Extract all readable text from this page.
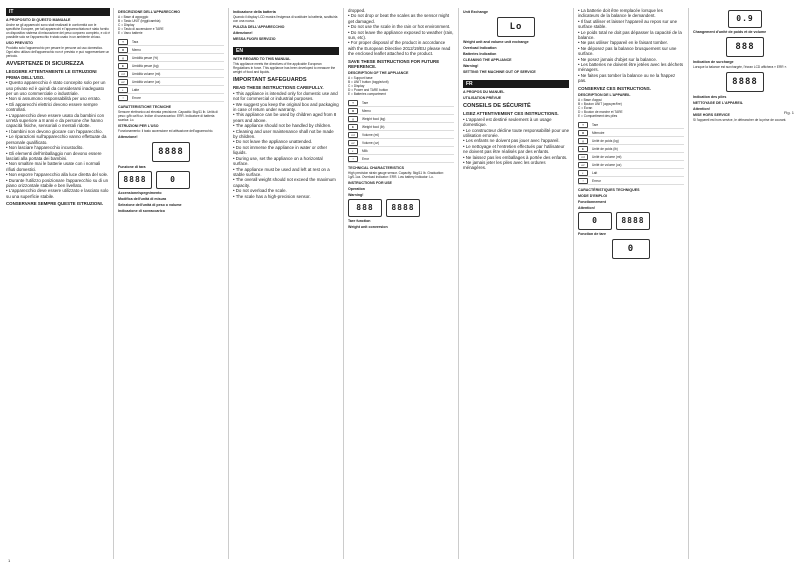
IT
A PROPOSITO DI QUESTO MANUALE
Anche se gli apparecchi sono stati realizzati in conformità con le specifiche Europee, per tali apparecchi e l'apparecchiatura è stato fornito un dispositivo sistema di misurazione del peso corporeo completo, e ciò è possibile solo se l'apparecchio è stato usato in un ambiente chiuso.
USO PREVISTO
Prodotto solo l'apparecchio per pesare le persone ad uso domestico. Ogni altro utilizzo dell'apparecchio non è previsto e può rappresentare un pericolo.
AVVERTENZE DI SICUREZZA
LEGGERE ATTENTAMENTE LE ISTRUZIONI PRIMA DELL'USO.
• Questo apparecchio è stato concepito solo per un uso privato ed è quindi da considerarsi inadeguato per un uso commerciale o industriale.
• Non si assumono responsabilità per uso errato.
• Gli apparecchi elettrici devono essere sempre controllati.
• L'apparecchio deve essere usato da bambini con un'età superiore a 8 anni e da persone che hanno capacità fisiche, sensoriali o mentali ridotte.
• I bambini non devono giocare con l'apparecchio.
• Le riparazioni sull'apparecchio vanno effettuate da personale qualificato.
• Non lasciare l'apparecchio incustodito.
• Gli elementi dell'imballaggio non devono essere lasciati alla portata dei bambini.
• Non smaltire mai le batterie usate con i normali rifiuti domestici.
• Non esporre l'apparecchio alla luce diretta del sole.
• Durante l'utilizzo posizionare l'apparecchio su di un piano orizzontale stabile e ben livellato.
• L'apparecchio deve essere utilizzato e lasciato solo su una superficie stabile.
CONSERVARE SEMPRE QUESTE ISTRUZIONI.
DESCRIZIONE DELL'APPARECCHIO
A = Base di appoggio
B = Tasto UNIT (leggi/cambia)
C = Display
D = Tasto di accensione e TARE
E = Vano batterie
T	Tara
M	Memo
g	Umidità pesce (%)
lb	Umidità pesce (kg)
ml	Umidità volume (ml)
oz	Umidità volume (oz)
◐	Latte
!	Errore
CARATTERISTICHE TECNICHE
Sensore elettronico ad elevata precisione. Capacità: 5kg/11 lb. Unità di peso: g/lb:oz/fl:oz. Indice di sovraccarico: ERR. Indicatore di batteria scarica: Lo.
ISTRUZIONI PER L'USO
Funzionamento: il tasto accensione ed attivazione dell'apparecchio.
Attenzione!
8888
Funzione di tara
8888	0
Accensione/spegnimento
Modifica dell'unità di misura
Selezione dell'unità di peso o volume
Indicazione di sovraccarico
Indicazione della batteria
Quando il display LCD mostra l'esigenza di sostituire la batteria, sostituirla con una nuova.
PULIZIA DELL'APPARECCHIO
Attenzione!
MESSA FUORI SERVIZIO
EN
WITH REGARD TO THIS MANUAL
This appliance meets the directives of the applicable European Regulations in force. This appliance has been developed to measure the weight of food and liquids.
IMPORTANT SAFEGUARDS
READ THESE INSTRUCTIONS CAREFULLY.
• This appliance is intended only for domestic use and not for commercial or industrial purposes.
• We suggest you keep the original box and packaging in case of return under warranty.
• This appliance can be used by children aged from 8 years and above.
• The appliance should not be handled by children.
• Cleaning and user maintenance shall not be made by children.
• Do not leave the appliance unattended.
• Do not immerse the appliance in water or other liquids.
• During use, set the appliance on a horizontal surface.
• The appliance must be used and left at rest on a stable surface.
• The overall weight should not exceed the maximum capacity.
• Do not overload the scale.
• The scale has a high-precision sensor.
dropped.
• Do not drop or beat the scales as the sensor might get damaged.
• Do not use the scale in the rain or hot environment.
• Do not leave the appliance exposed to weather (rain, sun, etc).
• For proper disposal of the product in accordance with the European Directive 2012/19/EU please read the enclosed leaflet attached to the product.
SAVE THESE INSTRUCTIONS FOR FUTURE REFERENCE.
DESCRIPTION OF THE APPLIANCE
A = Support base
B = UNIT button (toggle/unit)
C = Display
D = Power and TARE button
E = Batteries compartment
T	Tare
M	Memo
g	Weight food (kg)
lb	Weight food (lb)
ml	Volume (ml)
oz	Volume (oz)
◐	Milk
!	Error
TECHNICAL CHARACTERISTICS
High precision strain gauge sensor. Capacity: 5kg/11 lb. Graduation: 1g/0.1oz. Overload indicator: ERR. Low battery indicator: Lo.
INSTRUCTIONS FOR USE
Operation
Warning!
888	8888
Tare function
Weight unit conversion
Unit Exchange
Lo
Weight unit and volume unit exchange
Overload Indication
Batteries Indication
CLEANING THE APPLIANCE
Warning!
SETTING THE MACHINE OUT OF SERVICE
FR
A PROPOS DU MANUEL
UTILISATION PRÉVUE
CONSEILS DE SÉCURITÉ
LISEZ ATTENTIVEMENT CES INSTRUCTIONS.
• L'appareil est destiné seulement à un usage domestique.
• Le constructeur décline toute responsabilité pour une utilisation erronée.
• Les enfants ne doivent pas jouer avec l'appareil.
• Le nettoyage et l'entretien effectués par l'utilisateur ne doivent pas être réalisés par des enfants.
• Ne laissez pas les emballages à portée des enfants.
• Ne jamais jeter les piles avec les ordures ménagères.
• La batterie doit être remplacée lorsque les indicateurs de la balance le demandent.
• Il faut utiliser et laisser l'appareil au repos sur une surface stable.
• Le poids total ne doit pas dépasser la capacité de la balance.
• Ne pas utiliser l'appareil en le faisant tomber.
• Ne déposez pas la balance brusquement sur une surface.
• Ne posez jamais d'objet sur la balance.
• Les batteries ne doivent être jetées avec les déchets ménagers.
• Ne faites pas tomber la balance ou ne la frappez pas.
CONSERVEZ CES INSTRUCTIONS.
DESCRIPTION DE L'APPAREIL
A = Base d'appui
B = Bouton UNIT (appuyer/lire)
C = Écran
D = Bouton de marche et TARE
E = Compartiment des piles
T	Tare
M	Mémoire
g	Unité de poids (kg)
lb	Unité de poids (lb)
ml	Unité de volume (ml)
oz	Unité de volume (oz)
◐	Lait
!	Erreur
CARACTÉRISTIQUES TECHNIQUES
MODE D'EMPLOI
Fonctionnement
Attention!
0	8888
Fonction de tare
0
0.9
Changement d'unité de poids et de volume
888
Indication de surcharge
Lorsque la balance est surchargée, l'écran LCD affichera « ERR ».
8888
Indication des piles
NETTOYAGE DE L'APPAREIL
Attention!
MISE HORS SERVICE
Si l'appareil est hors service, le débrancher de la prise de courant.
1
Fig. 1
